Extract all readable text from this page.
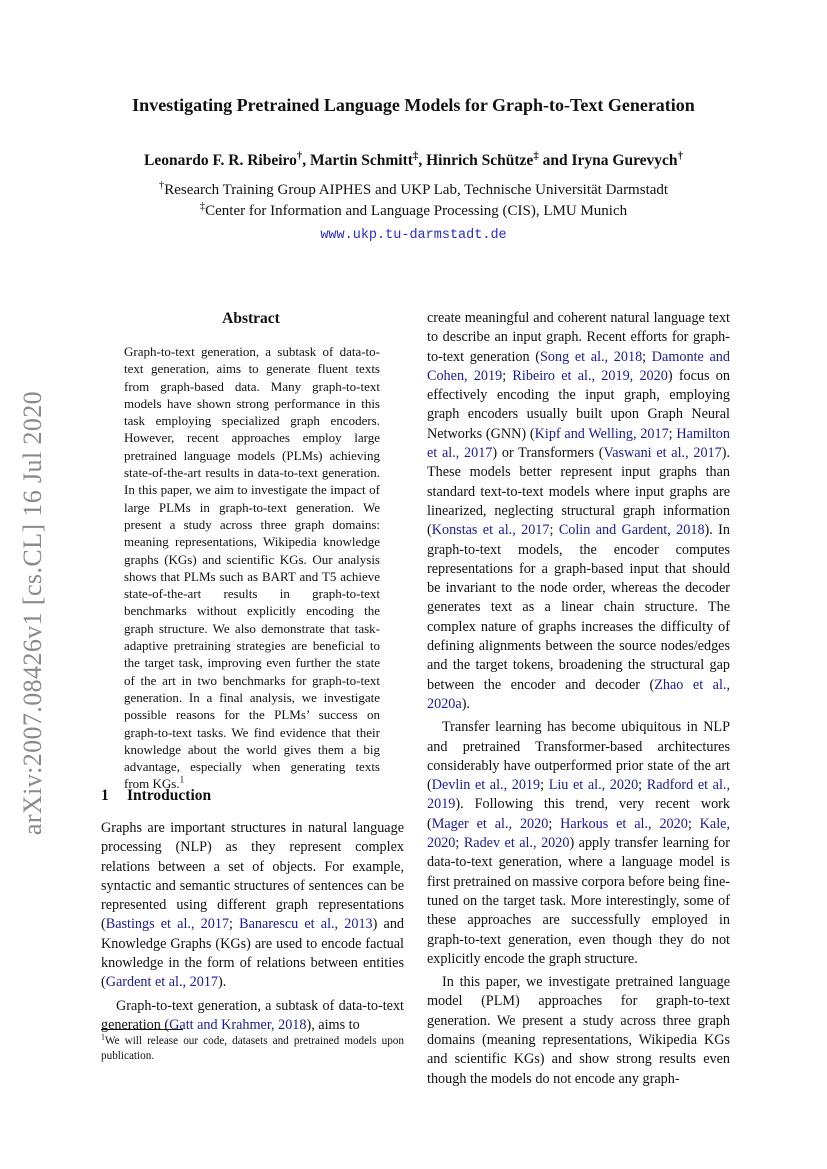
arXiv:2007.08426v1 [cs.CL] 16 Jul 2020
Investigating Pretrained Language Models for Graph-to-Text Generation
Leonardo F. R. Ribeiro†, Martin Schmitt‡, Hinrich Schütze‡ and Iryna Gurevych†
†Research Training Group AIPHES and UKP Lab, Technische Universität Darmstadt
‡Center for Information and Language Processing (CIS), LMU Munich
www.ukp.tu-darmstadt.de
Abstract
Graph-to-text generation, a subtask of data-to-text generation, aims to generate fluent texts from graph-based data. Many graph-to-text models have shown strong performance in this task employing specialized graph encoders. However, recent approaches employ large pretrained language models (PLMs) achieving state-of-the-art results in data-to-text generation. In this paper, we aim to investigate the impact of large PLMs in graph-to-text generation. We present a study across three graph domains: meaning representations, Wikipedia knowledge graphs (KGs) and scientific KGs. Our analysis shows that PLMs such as BART and T5 achieve state-of-the-art results in graph-to-text benchmarks without explicitly encoding the graph structure. We also demonstrate that task-adaptive pretraining strategies are beneficial to the target task, improving even further the state of the art in two benchmarks for graph-to-text generation. In a final analysis, we investigate possible reasons for the PLMs’ success on graph-to-text tasks. We find evidence that their knowledge about the world gives them a big advantage, especially when generating texts from KGs.$^1$
1 Introduction

Graphs are important structures in natural language processing (NLP) as they represent complex relations between a set of objects. For example, syntactic and semantic structures of sentences can be represented using different graph representations (Bastings et al., 2017; Banarescu et al., 2013) and Knowledge Graphs (KGs) are used to encode factual knowledge in the form of relations between entities (Gardent et al., 2017).

Graph-to-text generation, a subtask of data-to-text generation (Gatt and Krahmer, 2018), aims to

create meaningful and coherent natural language text to describe an input graph. Recent efforts for graph-to-text generation (Song et al., 2018; Damonte and Cohen, 2019; Ribeiro et al., 2019, 2020) focus on effectively encoding the input graph, employing graph encoders usually built upon Graph Neural Networks (GNN) (Kipf and Welling, 2017; Hamilton et al., 2017) or Transformers (Vaswani et al., 2017). These models better represent input graphs than standard text-to-text models where input graphs are linearized, neglecting structural graph information (Konstas et al., 2017; Colin and Gardent, 2018). In graph-to-text models, the encoder computes representations for a graph-based input that should be invariant to the node order, whereas the decoder generates text as a linear chain structure. The complex nature of graphs increases the difficulty of defining alignments between the source nodes/edges and the target tokens, broadening the structural gap between the encoder and decoder (Zhao et al., 2020a).

Transfer learning has become ubiquitous in NLP and pretrained Transformer-based architectures considerably have outperformed prior state of the art (Devlin et al., 2019; Liu et al., 2020; Radford et al., 2019). Following this trend, very recent work (Mager et al., 2020; Harkous et al., 2020; Kale, 2020; Radev et al., 2020) apply transfer learning for data-to-text generation, where a language model is first pretrained on massive corpora before being fine-tuned on the target task. More interestingly, some of these approaches are successfully employed in graph-to-text generation, even though they do not explicitly encode the graph structure.

In this paper, we investigate pretrained language model (PLM) approaches for graph-to-text generation. We present a study across three graph domains (meaning representations, Wikipedia KGs and scientific KGs) and show strong results even though the models do not encode any graph-

$^1$We will release our code, datasets and pretrained models upon publication.
